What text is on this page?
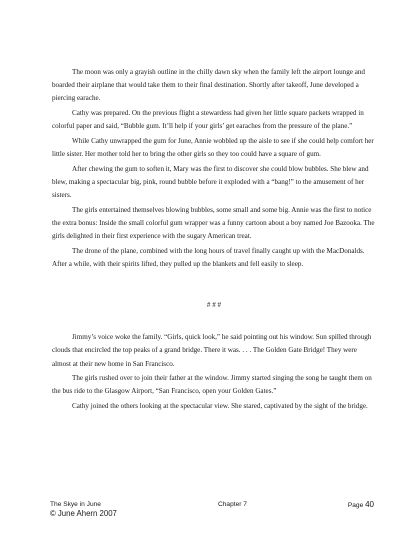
The moon was only a grayish outline in the chilly dawn sky when the family left the airport lounge and boarded their airplane that would take them to their final destination. Shortly after takeoff, June developed a piercing earache.

Cathy was prepared. On the previous flight a stewardess had given her little square packets wrapped in colorful paper and said, “Bubble gum. It’ll help if your girls’ get earaches from the pressure of the plane.”

While Cathy unwrapped the gum for June, Annie wobbled up the aisle to see if she could help comfort her little sister. Her mother told her to bring the other girls so they too could have a square of gum.

After chewing the gum to soften it, Mary was the first to discover she could blow bubbles. She blew and blew, making a spectacular big, pink, round bubble before it exploded with a “bang!” to the amusement of her sisters.

The girls entertained themselves blowing bubbles, some small and some big. Annie was the first to notice the extra bonus: Inside the small colorful gum wrapper was a funny cartoon about a boy named Joe Bazooka. The girls delighted in their first experience with the sugary American treat.

The drone of the plane, combined with the long hours of travel finally caught up with the MacDonalds. After a while, with their spirits lifted, they pulled up the blankets and fell easily to sleep.

# # #

Jimmy’s voice woke the family. “Girls, quick look,” he said pointing out his window. Sun spilled through clouds that encircled the top peaks of a grand bridge. There it was. . . . The Golden Gate Bridge! They were almost at their new home in San Francisco.

The girls rushed over to join their father at the window. Jimmy started singing the song he taught them on the bus ride to the Glasgow Airport, “San Francisco, open your Golden Gates.”

Cathy joined the others looking at the spectacular view. She stared, captivated by the sight of the bridge.

The Skye in June	Chapter 7	Page 40
© June Ahern 2007
